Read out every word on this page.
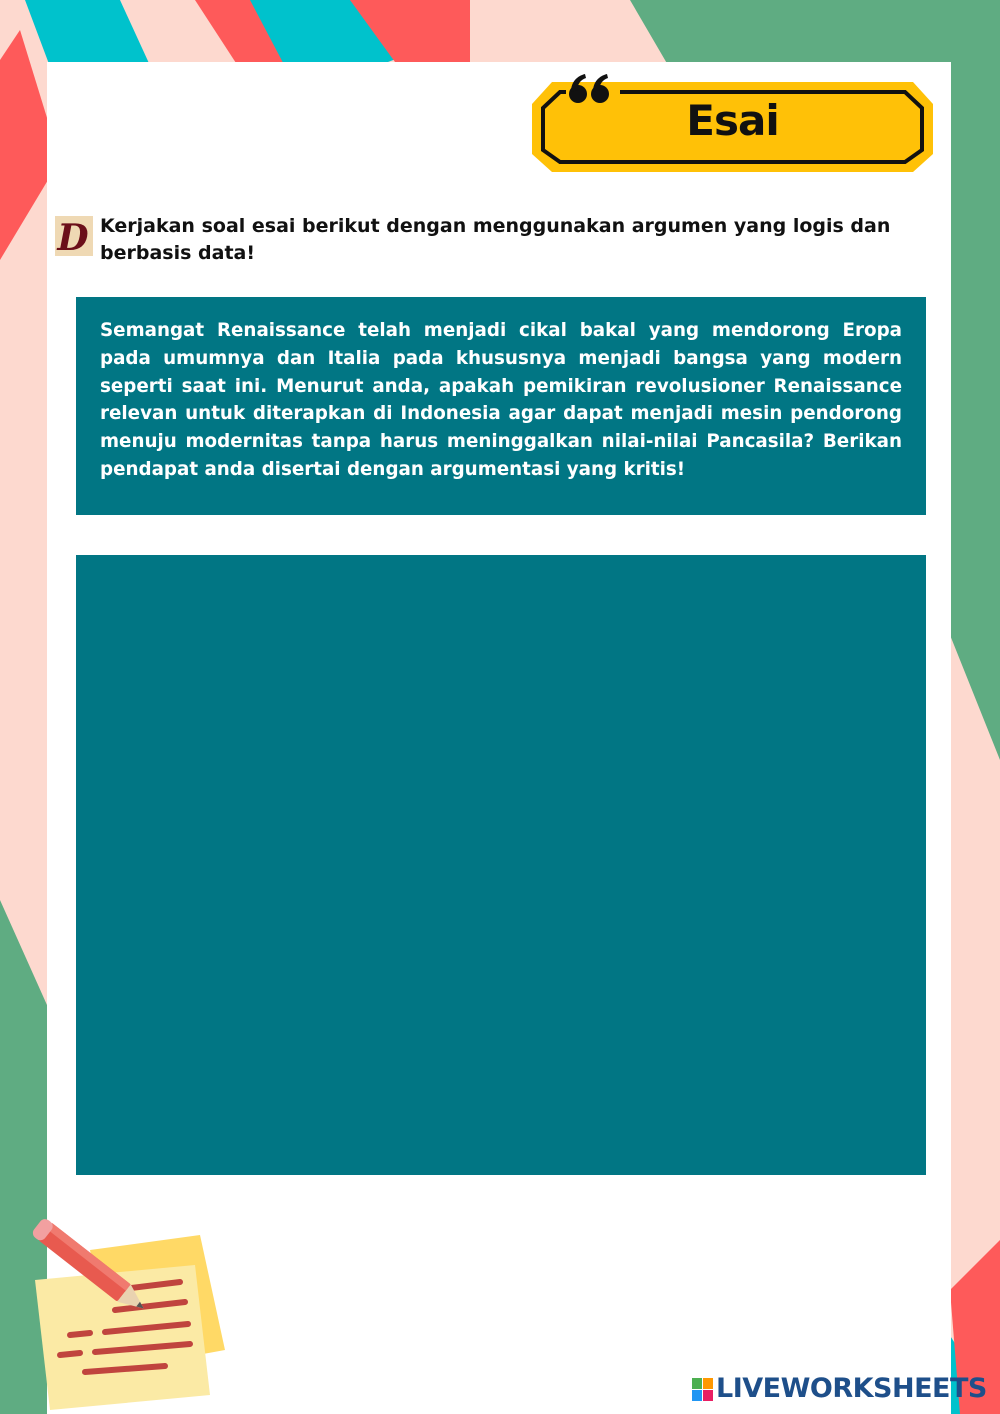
Esai
D Kerjakan soal esai berikut dengan menggunakan argumen yang logis dan berbasis data!

Semangat Renaissance telah menjadi cikal bakal yang mendorong Eropa pada umumnya dan Italia pada khususnya menjadi bangsa yang modern seperti saat ini. Menurut anda, apakah pemikiran revolusioner Renaissance relevan untuk diterapkan di Indonesia agar dapat menjadi mesin pendorong menuju modernitas tanpa harus meninggalkan nilai-nilai Pancasila? Berikan pendapat anda disertai dengan argumentasi yang kritis!

LIVEWORKSHEETS
